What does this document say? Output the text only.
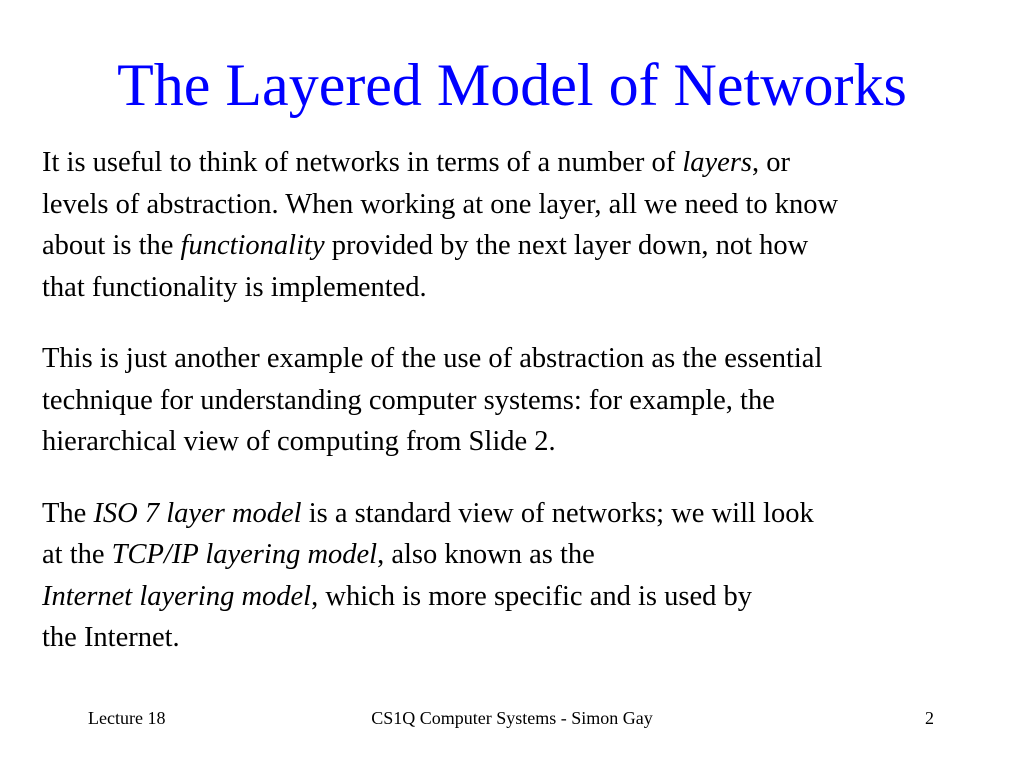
The Layered Model of Networks

It is useful to think of networks in terms of a number of layers, or
levels of abstraction. When working at one layer, all we need to know
about is the functionality provided by the next layer down, not how
that functionality is implemented.

This is just another example of the use of abstraction as the essential
technique for understanding computer systems: for example, the
hierarchical view of computing from Slide 2.

The ISO 7 layer model is a standard view of networks; we will look
at the TCP/IP layering model, also known as the
Internet layering model, which is more specific and is used by
the Internet.

Lecture 18	CS1Q Computer Systems - Simon Gay	2
